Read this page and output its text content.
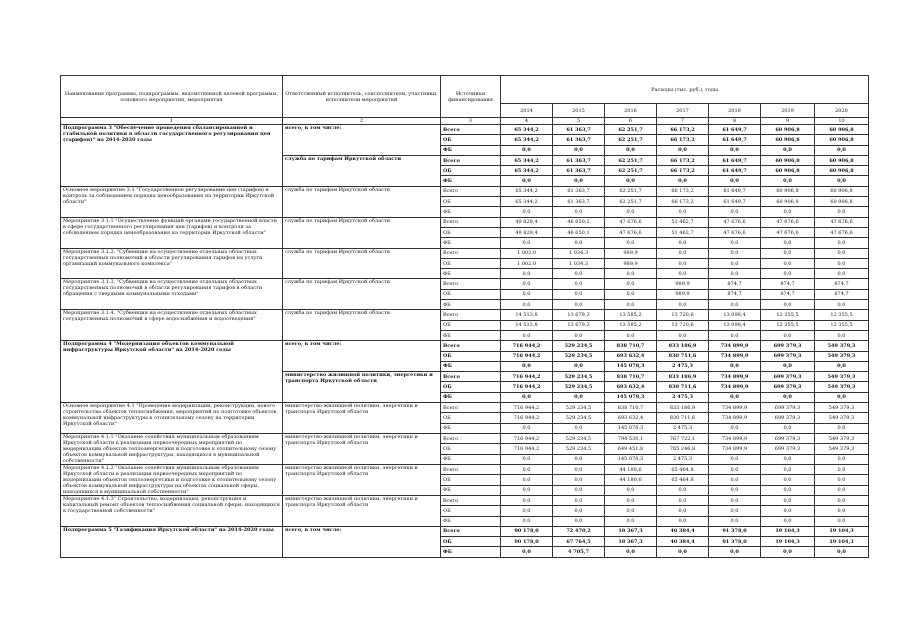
Наименование программы, подпрограммы, ведомственной целевой программы, основного мероприятия, мероприятия	Ответственный исполнитель, соисполнители, участники, исполнители мероприятий	Источники финансирования	Расходы (тыс. руб.), годы						
			2014	2015	2016	2017	2018	2019	2020
1	2	3	4	5	6	7	8	9	10
Подпрограмма 3 "Обеспечение проведения сбалансированной и стабильной политики в области государственного регулирования цен (тарифов)" на 2014-2020 годы	всего, в том числе:	Всего	65 344,2	61 363,7	62 251,7	66 173,2	61 649,7	60 906,8	60 906,8
		ОБ	65 344,2	61 363,7	62 251,7	66 173,2	61 649,7	60 906,8	60 906,8
		ФБ	0,0	0,0	0,0	0,0	0,0	0,0	0,0
	служба по тарифам Иркутской области	Всего	65 344,2	61 363,7	62 251,7	66 173,2	61 649,7	60 906,8	60 906,8
		ОБ	65 344,2	61 363,7	62 251,7	66 173,2	61 649,7	60 906,8	60 906,8
		ФБ	0,0	0,0	0,0	0,0	0,0	0,0	0,0
Основное мероприятие 3.1 "Государственное регулирование цен (тарифов) и контроль за соблюдением порядка ценообразования на территории Иркутской области"	служба по тарифам Иркутской области	Всего	65 344,2	61 363,7	62 251,7	66 173,2	61 649,7	60 906,8	60 906,8
		ОБ	65 344,2	61 363,7	62 251,7	66 173,2	61 649,7	60 906,8	60 906,8
		ФБ	0,0	0,0	0,0	0,0	0,0	0,0	0,0
Мероприятие 3.1.1 "Осуществление функций органами государственной власти в сфере государственного регулирования цен (тарифов) и контроля за соблюдением порядка ценообразования на территории Иркутской области"	служба по тарифам Иркутской области	Всего	49 828,4	46 650,1	47 676,6	51 462,7	47 676,6	47 676,6	47 676,6
		ОБ	49 828,4	46 650,1	47 676,6	51 462,7	47 676,6	47 676,6	47 676,6
		ФБ	0,0	0,0	0,0	0,0	0,0	0,0	0,0
Мероприятие 3.1.2. "Субвенции на осуществление отдельных областных государственных полномочий в области регулирования тарифов на услуги организаций коммунального комплекса"	служба по тарифам Иркутской области	Всего	1 002,0	1 034,3	989,9	0,0	0,0	0,0	0,0
		ОБ	1 002,0	1 034,3	989,9	0,0	0,0	0,0	0,0
		ФБ	0,0	0,0	0,0	0,0	0,0	0,0	0,0
Мероприятие 3.1.3. "Субвенции на осуществление отдельных областных государственных полномочий в области регулирования тарифов в области обращения с твердыми коммунальными отходами"	служба по тарифам Иркутской области	Всего	0,0	0,0	0,0	989,9	874,7	874,7	874,7
		ОБ	0,0	0,0	0,0	989,9	874,7	874,7	874,7
		ФБ	0,0	0,0	0,0	0,0	0,0	0,0	0,0
Мероприятие 3.1.4. "Субвенции на осуществление отдельных областных государственных полномочий в сфере водоснабжения и водоотведения"	служба по тарифам Иркутской области	Всего	14 513,8	13 679,3	13 585,2	13 720,6	13 098,4	12 355,5	12 355,5
		ОБ	14 513,8	13 679,3	13 585,2	13 720,6	13 098,4	12 355,5	12 355,5
		ФБ	0,0	0,0	0,0	0,0	0,0	0,0	0,0
Подпрограмма 4 "Модернизация объектов коммунальной инфраструктуры Иркутской области" на 2014-2020 годы	всего, в том числе:	Всего	716 944,2	529 234,5	838 710,7	833 186,9	734 899,9	699 379,3	549 379,3
		ОБ	716 944,2	529 234,5	693 632,4	830 711,6	734 899,9	699 379,3	549 379,3
		ФБ	0,0	0,0	145 078,3	2 475,3	0,0	0,0	0,0
	министерство жилищной политики, энергетики и транспорта Иркутской области	Всего	716 944,2	529 234,5	838 710,7	833 186,9	734 899,9	699 379,3	549 379,3
		ОБ	716 944,2	529 234,5	693 632,4	830 711,6	734 899,9	699 379,3	549 379,3
		ФБ	0,0	0,0	145 078,3	2 475,3	0,0	0,0	0,0
Основное мероприятие 4.1 "Проведение модернизации, реконструкции, нового строительства объектов теплоснабжения, мероприятий по подготовке объектов коммунальной инфраструктуры к отопительному сезону на территории Иркутской области"	министерство жилищной политики, энергетики и транспорта Иркутской области	Всего	716 944,2	529 234,5	838 710,7	833 186,9	734 899,9	699 379,3	549 379,3
		ОБ	716 944,2	529 234,5	693 632,4	830 711,6	734 899,9	699 379,3	549 379,3
		ФБ	0,0	0,0	145 078,3	2 475,3	0,0	0,0	0,0
Мероприятие 4.1.1 "Оказание содействия муниципальным образованиям Иркутской области в реализации первоочередных мероприятий по модернизации объектов теплоэнергетики и подготовке к отопительному сезону объектов коммунальной инфраструктуры, находящихся в муниципальной собственности"	министерство жилищной политики, энергетики и транспорта Иркутской области	Всего	716 944,2	529 234,5	794 530,1	767 722,1	734 899,9	699 379,3	549 379,3
		ОБ	716 944,2	529 234,5	649 451,8	765 246,8	734 899,9	699 379,3	549 379,3
		ФБ	0,0	0,0	145 078,3	2 475,3	0,0	0,0	0,0
Мероприятие 4.1.2 "Оказание содействия муниципальным образованиям Иркутской области в реализации первоочередных мероприятий по модернизации объектов теплоэнергетики и подготовке к отопительному сезону объектов коммунальной инфраструктуры на объектах социальной сферы, находящихся в муниципальной собственности"	министерство жилищной политики, энергетики и транспорта Иркутской области	Всего	0,0	0,0	44 180,6	65 464,8	0,0	0,0	0,0
		ОБ	0,0	0,0	44 180,6	65 464,8	0,0	0,0	0,0
		ФБ	0,0	0,0	0,0	0,0	0,0	0,0	0,0
Мероприятие 4.1.3" Строительство, модернизация, реконструкция и капитальный ремонт объектов теплоснабжения социальной сферы, находящихся в государственной собственности"	министерство жилищной политики, энергетики и транспорта Иркутской области	Всего	0,0	0,0	0,0	0,0	0,0	0,0	0,0
		ОБ	0,0	0,0	0,0	0,0	0,0	0,0	0,0
		ФБ	0,0	0,0	0,0	0,0	0,0	0,0	0,0
Подпрограмма 5 "Газификация Иркутской области" на 2014-2020 годы	всего, в том числе:	Всего	90 178,0	72 470,2	18 367,3	40 384,4	91 378,0	19 104,3	19 104,3
		ОБ	90 178,0	67 764,5	18 367,3	40 384,4	91 378,0	19 104,3	19 104,3
		ФБ	0,0	4 705,7	0,0	0,0	0,0	0,0	0,0
